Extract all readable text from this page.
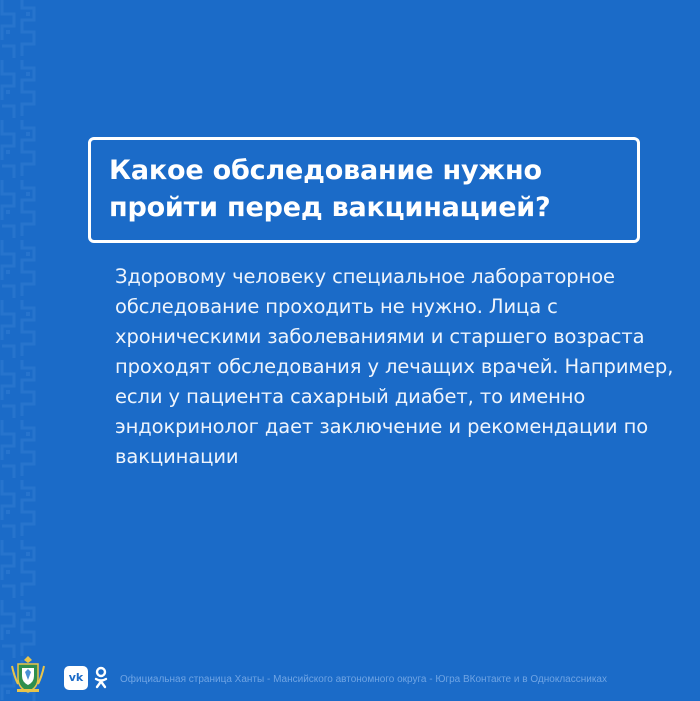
Какое обследование нужно пройти перед вакцинацией?

Здоровому человеку специальное лабораторное обследование проходить не нужно. Лица с хроническими заболеваниями и старшего возраста проходят обследования у лечащих врачей. Например, если у пациента сахарный диабет, то именно эндокринолог дает заключение и рекомендации по вакцинации

vk	Официальная страница Ханты - Мансийского автономного округа - Югра ВКонтакте и в Одноклассниках
